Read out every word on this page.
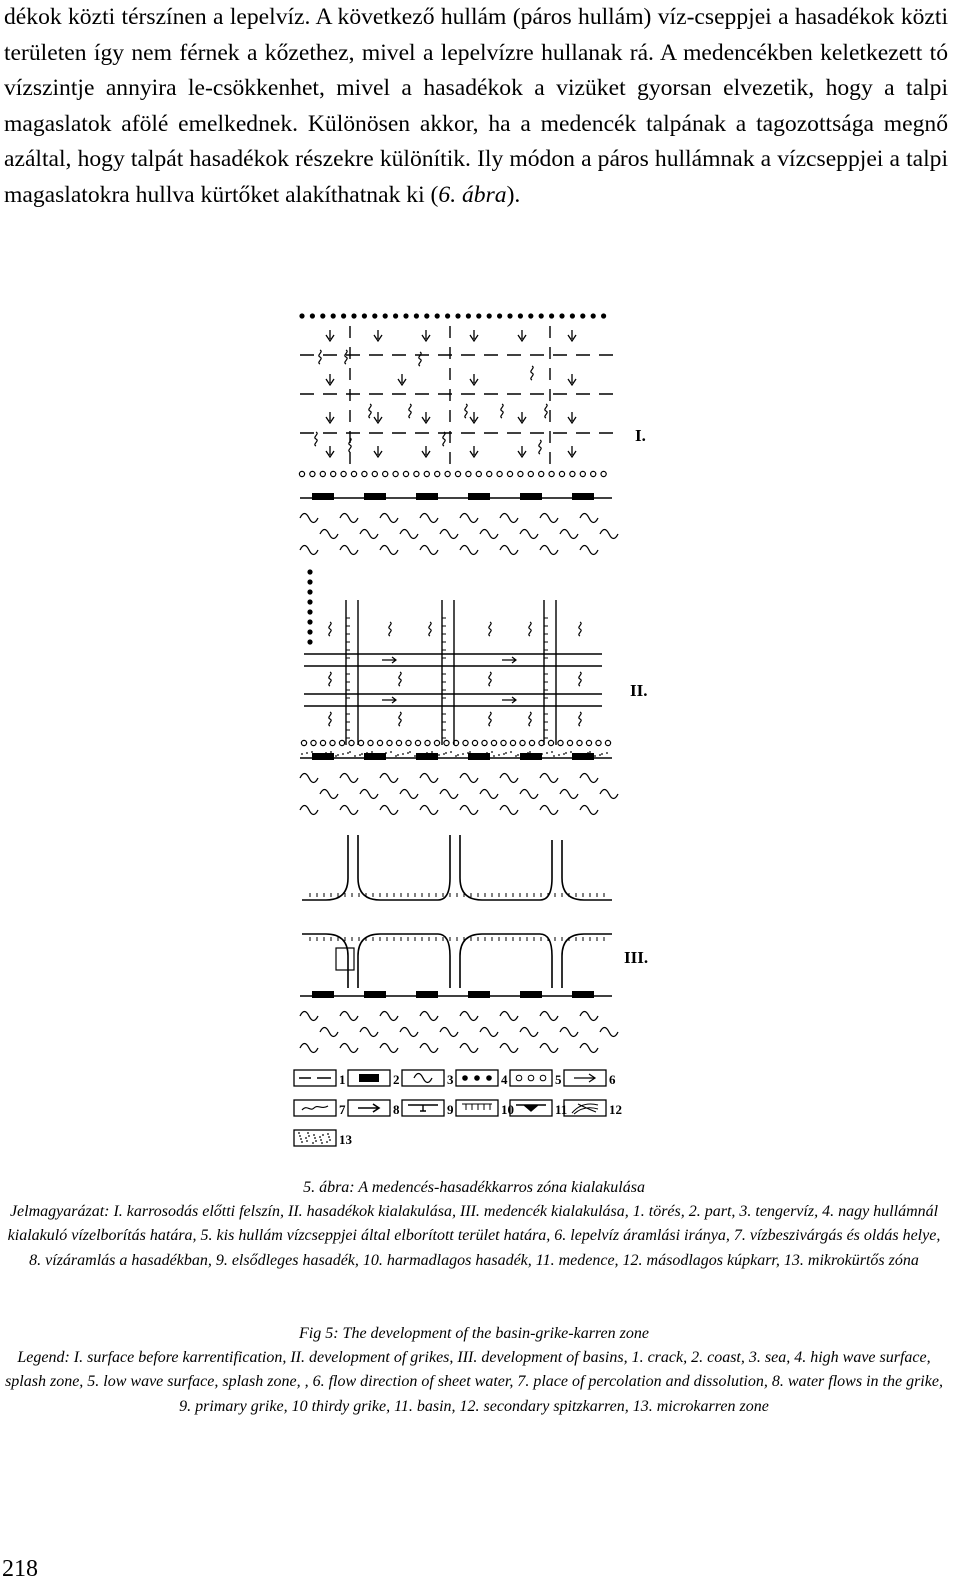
dékok közti térszínen a lepelvíz. A következő hullám (páros hullám) víz-cseppjei a hasadékok közti területen így nem férnek a kőzethez, mivel a lepelvízre hullanak rá. A medencékben keletkezett tó vízszintje annyira le-csökkenhet, mivel a hasadékok a vizüket gyorsan elvezetik, hogy a talpi magaslatok afölé emelkednek. Különösen akkor, ha a medencék talpának a tagozottsága megnő azáltal, hogy talpát hasadékok részekre különítik. Ily módon a páros hullámnak a vízcseppjei a talpi magaslatokra hullva kürtőket alakíthatnak ki (6. ábra).

I.
II.
III.
1	2	3	4	5	6
7	8	9	10	11	12
13

5. ábra: A medencés-hasadékkarros zóna kialakulása

Jelmagyarázat: I. karrosodás előtti felszín, II. hasadékok kialakulása, III. medencék kialakulása, 1. törés, 2. part, 3. tengervíz, 4. nagy hullámnál kialakuló vízelborítás határa, 5. kis hullám vízcseppjei által elborított terület határa, 6. lepelvíz áramlási iránya, 7. vízbeszivárgás és oldás helye, 8. vízáramlás a hasadékban, 9. elsődleges hasadék, 10. harmadlagos hasadék, 11. medence, 12. másodlagos kúpkarr, 13. mikrokürtős zóna

Fig 5: The development of the basin-grike-karren zone

Legend: I. surface before karrentification, II. development of grikes, III. development of basins, 1. crack, 2. coast, 3. sea, 4. high wave surface, splash zone, 5. low wave surface, splash zone, , 6. flow direction of sheet water, 7. place of percolation and dissolution, 8. water flows in the grike, 9. primary grike, 10 thirdy grike, 11. basin, 12. secondary spitzkarren, 13. microkarren zone

218
